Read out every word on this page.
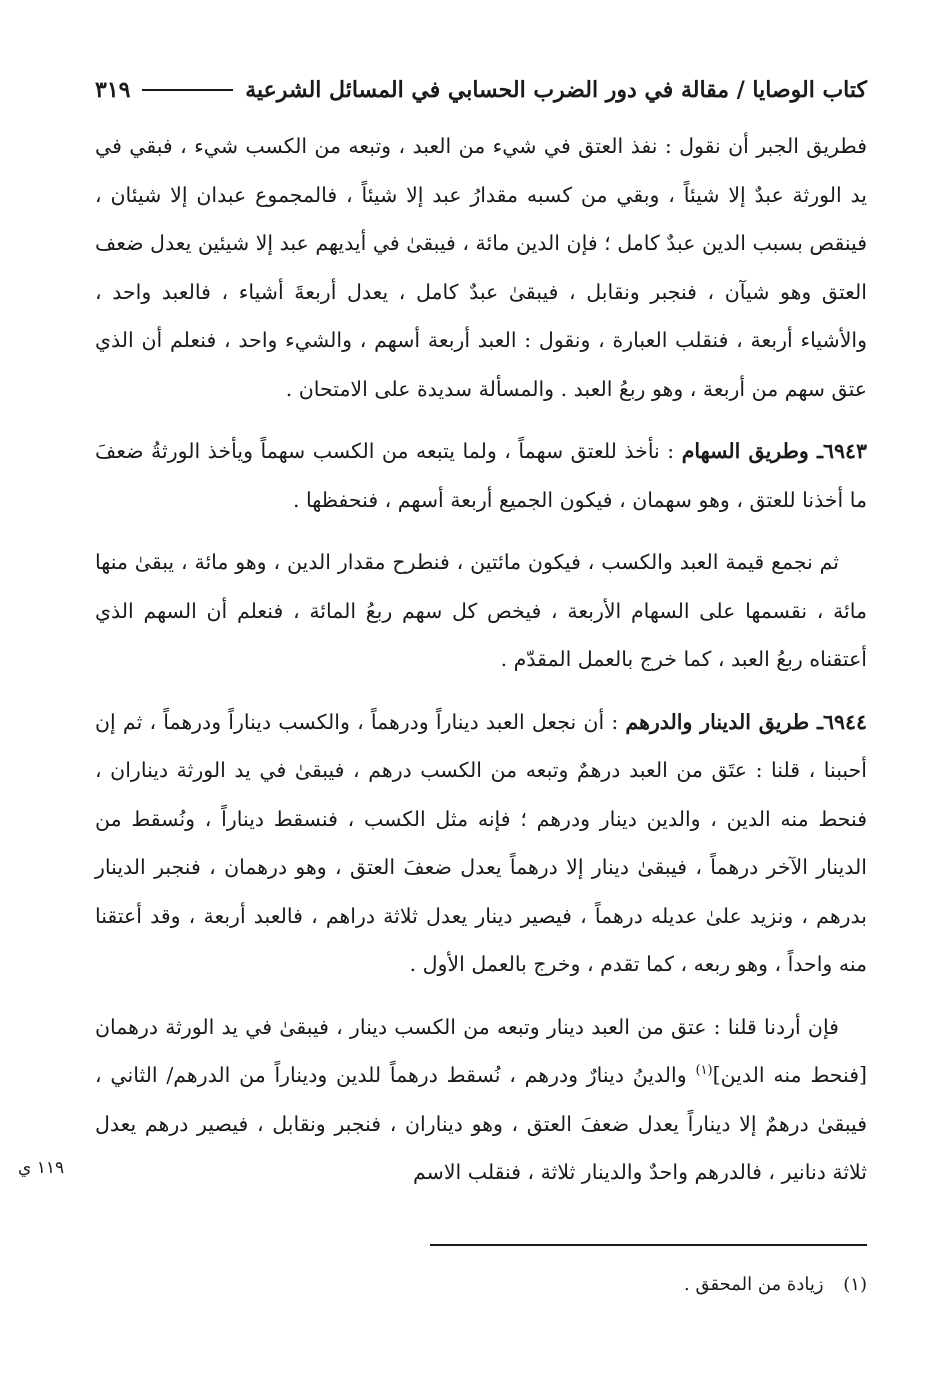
كتاب الوصايا / مقالة في دور الضرب الحسابي في المسائل الشرعية
٣١٩

فطريق الجبر أن نقول : نفذ العتق في شيء من العبد ، وتبعه من الكسب شيء ، فبقي في يد الورثة عبدٌ إلا شيئاً ، وبقي من كسبه مقدارُ عبد إلا شيئاً ، فالمجموع عبدان إلا شيئان ، فينقص بسبب الدين عبدٌ كامل ؛ فإن الدين مائة ، فيبقىٰ في أيديهم عبد إلا شيئين يعدل ضعف العتق وهو شيآن ، فنجبر ونقابل ، فيبقىٰ عبدٌ كامل ، يعدل أربعةَ أشياء ، فالعبد واحد ، والأشياء أربعة ، فنقلب العبارة ، ونقول : العبد أربعة أسهم ، والشيء واحد ، فنعلم أن الذي عتق سهم من أربعة ، وهو ربعُ العبد . والمسألة سديدة على الامتحان .

٦٩٤٣ـ وطريق السهام : نأخذ للعتق سهماً ، ولما يتبعه من الكسب سهماً ويأخذ الورثةُ ضعفَ ما أخذنا للعتق ، وهو سهمان ، فيكون الجميع أربعة أسهم ، فنحفظها .

ثم نجمع قيمة العبد والكسب ، فيكون مائتين ، فنطرح مقدار الدين ، وهو مائة ، يبقىٰ منها مائة ، نقسمها على السهام الأربعة ، فيخص كل سهم ربعُ المائة ، فنعلم أن السهم الذي أعتقناه ربعُ العبد ، كما خرج بالعمل المقدّم .

٦٩٤٤ـ طريق الدينار والدرهم : أن نجعل العبد ديناراً ودرهماً ، والكسب ديناراً ودرهماً ، ثم إن أحببنا ، قلنا : عتَق من العبد درهمٌ وتبعه من الكسب درهم ، فيبقىٰ في يد الورثة ديناران ، فنحط منه الدين ، والدين دينار ودرهم ؛ فإنه مثل الكسب ، فنسقط ديناراً ، ونُسقط من الدينار الآخر درهماً ، فيبقىٰ دينار إلا درهماً يعدل ضعفَ العتق ، وهو درهمان ، فنجبر الدينار بدرهم ، ونزيد علىٰ عديله درهماً ، فيصير دينار يعدل ثلاثة دراهم ، فالعبد أربعة ، وقد أعتقنا منه واحداً ، وهو ربعه ، كما تقدم ، وخرج بالعمل الأول .

فإن أردنا قلنا : عتق من العبد دينار وتبعه من الكسب دينار ، فيبقىٰ في يد الورثة درهمان [فنحط منه الدين]$^{(١)}$ والدينُ دينارٌ ودرهم ، نُسقط درهماً للدين وديناراً من الدرهم/ الثاني ، فيبقىٰ درهمٌ إلا ديناراً يعدل ضعفَ العتق ، وهو ديناران ، فنجبر ونقابل ، فيصير درهم يعدل ثلاثة دنانير ، فالدرهم واحدٌ والدينار ثلاثة ، فنقلب الاسم

١١٩ ي
(١) زيادة من المحقق .
